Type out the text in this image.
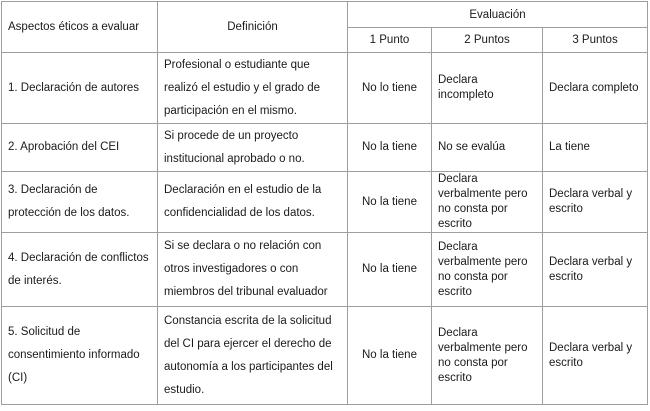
Aspectos éticos a evaluar	Definición	Evaluación		
		1 Punto	2 Puntos	3 Puntos
1. Declaración de autores	Profesional o estudiante que realizó el estudio y el grado de participación en el mismo.	No lo tiene	Declara incompleto	Declara completo
2. Aprobación del CEI	Si procede de un proyecto institucional aprobado o no.	No la tiene	No se evalúa	La tiene
3. Declaración de protección de los datos.	Declaración en el estudio de la confidencialidad de los datos.	No la tiene	Declara verbalmente pero no consta por escrito	Declara verbal y escrito
4. Declaración de conflictos de interés.	Si se declara o no relación con otros investigadores o con miembros del tribunal evaluador	No la tiene	Declara verbalmente pero no consta por escrito	Declara verbal y escrito
5. Solicitud de consentimiento informado (CI)	Constancia escrita de la solicitud del CI para ejercer el derecho de autonomía a los participantes del estudio.	No la tiene	Declara verbalmente pero no consta por escrito	Declara verbal y escrito
